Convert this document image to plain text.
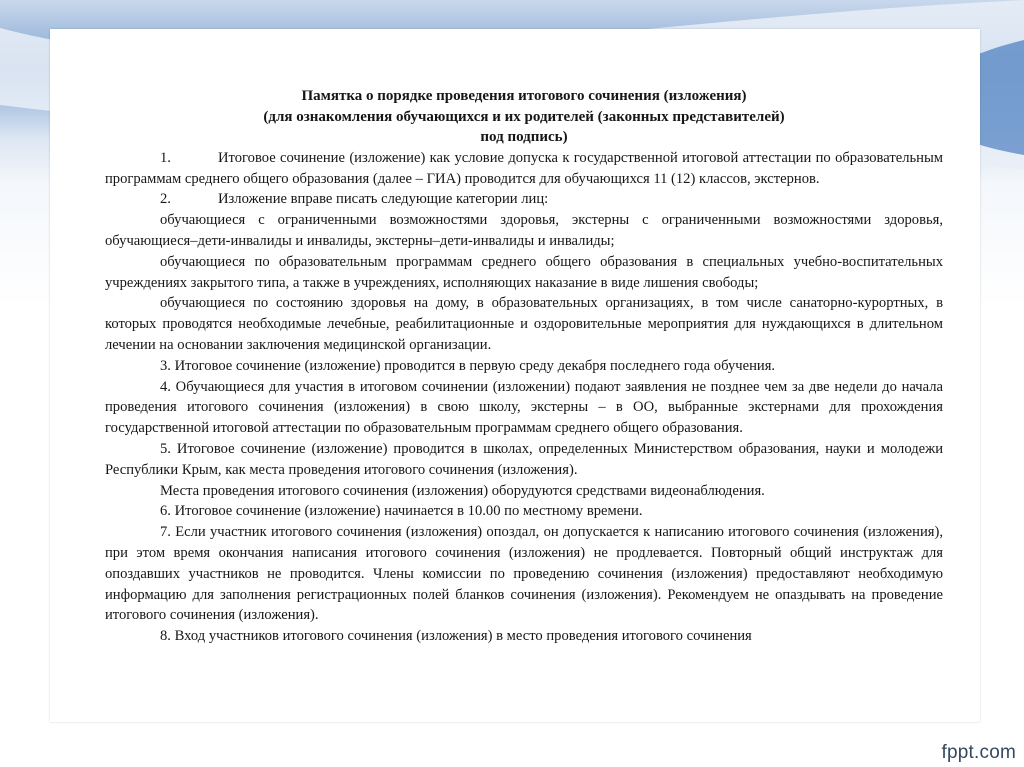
Памятка о порядке проведения итогового сочинения (изложения)
(для ознакомления обучающихся и их родителей (законных представителей)
под подпись)

1.	Итоговое сочинение (изложение) как условие допуска к государственной итоговой аттестации по образовательным программам среднего общего образования (далее – ГИА) проводится для обучающихся 11 (12) классов, экстернов.

2.	Изложение вправе писать следующие категории лиц:

обучающиеся с ограниченными возможностями здоровья, экстерны с ограниченными возможностями здоровья, обучающиеся–дети-инвалиды и инвалиды, экстерны–дети-инвалиды и инвалиды;

обучающиеся по образовательным программам среднего общего образования в специальных учебно-воспитательных учреждениях закрытого типа, а также в учреждениях, исполняющих наказание в виде лишения свободы;

обучающиеся по состоянию здоровья на дому, в образовательных организациях, в том числе санаторно-курортных, в которых проводятся необходимые лечебные, реабилитационные и оздоровительные мероприятия для нуждающихся в длительном лечении на основании заключения медицинской организации.

3. Итоговое сочинение (изложение) проводится в первую среду декабря последнего года обучения.

4. Обучающиеся для участия в итоговом сочинении (изложении) подают заявления не позднее чем за две недели до начала проведения итогового сочинения (изложения) в свою школу, экстерны – в ОО, выбранные экстернами для прохождения государственной итоговой аттестации по образовательным программам среднего общего образования.

5. Итоговое сочинение (изложение) проводится в школах, определенных Министерством образования, науки и молодежи Республики Крым, как места проведения итогового сочинения (изложения).

Места проведения итогового сочинения (изложения) оборудуются средствами видеонаблюдения.

6. Итоговое сочинение (изложение) начинается в 10.00 по местному времени.

7. Если участник итогового сочинения (изложения) опоздал, он допускается к написанию итогового сочинения (изложения), при этом время окончания написания итогового сочинения (изложения) не продлевается. Повторный общий инструктаж для опоздавших участников не проводится. Члены комиссии по проведению сочинения (изложения) предоставляют необходимую информацию для заполнения регистрационных полей бланков сочинения (изложения). Рекомендуем не опаздывать на проведение итогового сочинения (изложения).

8. Вход участников итогового сочинения (изложения) в место проведения итогового сочинения

fppt.com
